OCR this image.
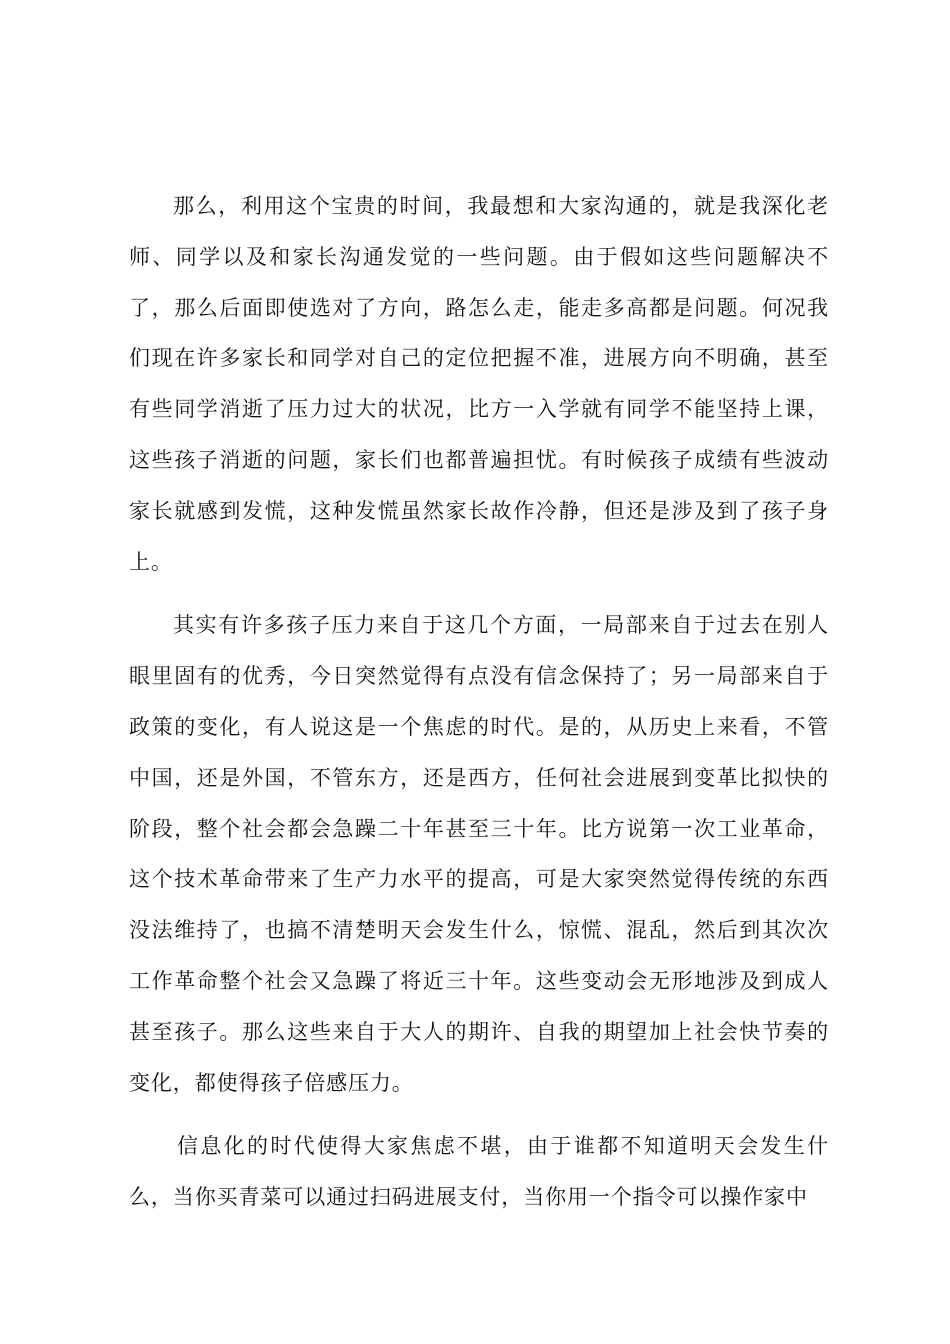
那么，利用这个宝贵的时间，我最想和大家沟通的，就是我深化老师、同学以及和家长沟通发觉的一些问题。由于假如这些问题解决不了，那么后面即使选对了方向，路怎么走，能走多高都是问题。何况我们现在许多家长和同学对自己的定位把握不准，进展方向不明确，甚至有些同学消逝了压力过大的状况，比方一入学就有同学不能坚持上课，这些孩子消逝的问题，家长们也都普遍担忧。有时候孩子成绩有些波动家长就感到发慌，这种发慌虽然家长故作冷静，但还是涉及到了孩子身上。

其实有许多孩子压力来自于这几个方面，一局部来自于过去在别人眼里固有的优秀，今日突然觉得有点没有信念保持了；另一局部来自于政策的变化，有人说这是一个焦虑的时代。是的，从历史上来看，不管中国，还是外国，不管东方，还是西方，任何社会进展到变革比拟快的阶段，整个社会都会急躁二十年甚至三十年。比方说第一次工业革命，这个技术革命带来了生产力水平的提高，可是大家突然觉得传统的东西没法维持了，也搞不清楚明天会发生什么，惊慌、混乱，然后到其次次工作革命整个社会又急躁了将近三十年。这些变动会无形地涉及到成人甚至孩子。那么这些来自于大人的期许、自我的期望加上社会快节奏的变化，都使得孩子倍感压力。

信息化的时代使得大家焦虑不堪，由于谁都不知道明天会发生什么，当你买青菜可以通过扫码进展支付，当你用一个指令可以操作家中
